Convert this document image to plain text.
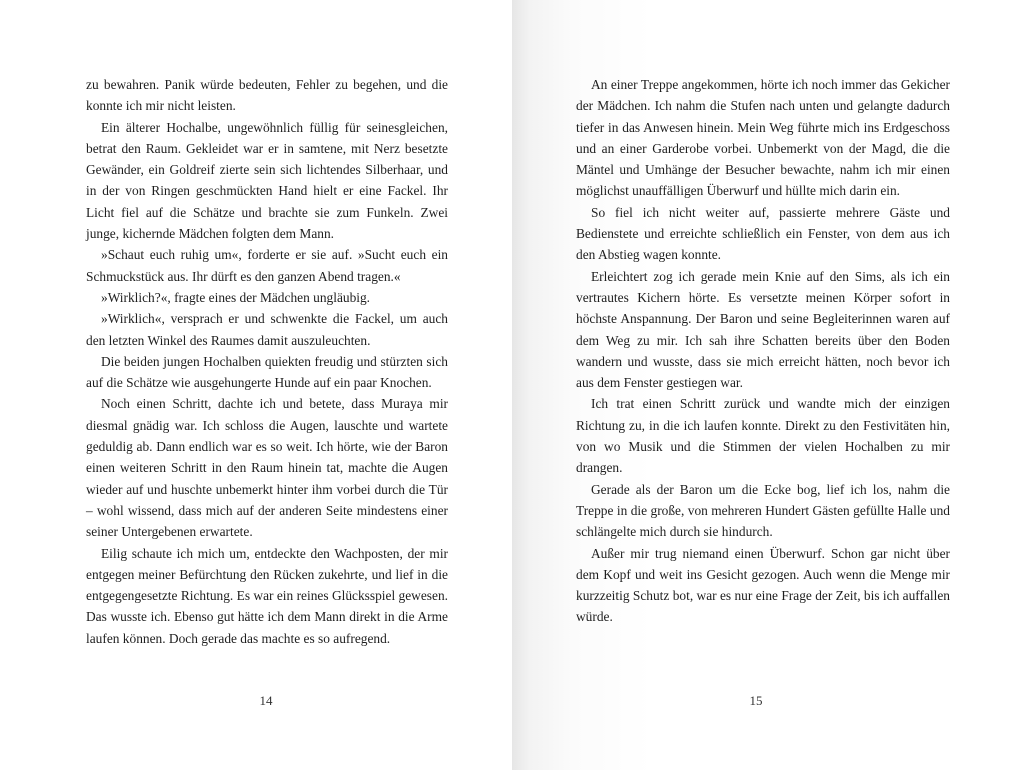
zu bewahren. Panik würde bedeuten, Fehler zu begehen, und die konnte ich mir nicht leisten.

Ein älterer Hochalbe, ungewöhnlich füllig für seinesgleichen, betrat den Raum. Gekleidet war er in samtene, mit Nerz besetzte Gewänder, ein Goldreif zierte sein sich lichtendes Silberhaar, und in der von Ringen geschmückten Hand hielt er eine Fackel. Ihr Licht fiel auf die Schätze und brachte sie zum Funkeln. Zwei junge, kichernde Mädchen folgten dem Mann.

»Schaut euch ruhig um«, forderte er sie auf. »Sucht euch ein Schmuckstück aus. Ihr dürft es den ganzen Abend tragen.«

»Wirklich?«, fragte eines der Mädchen ungläubig.

»Wirklich«, versprach er und schwenkte die Fackel, um auch den letzten Winkel des Raumes damit auszuleuchten.

Die beiden jungen Hochalben quiekten freudig und stürzten sich auf die Schätze wie ausgehungerte Hunde auf ein paar Knochen.

Noch einen Schritt, dachte ich und betete, dass Muraya mir diesmal gnädig war. Ich schloss die Augen, lauschte und wartete geduldig ab. Dann endlich war es so weit. Ich hörte, wie der Baron einen weiteren Schritt in den Raum hinein tat, machte die Augen wieder auf und huschte unbemerkt hinter ihm vorbei durch die Tür – wohl wissend, dass mich auf der anderen Seite mindestens einer seiner Untergebenen erwartete.

Eilig schaute ich mich um, entdeckte den Wachposten, der mir entgegen meiner Befürchtung den Rücken zukehrte, und lief in die entgegengesetzte Richtung. Es war ein reines Glücksspiel gewesen. Das wusste ich. Ebenso gut hätte ich dem Mann direkt in die Arme laufen können. Doch gerade das machte es so aufregend.

14

An einer Treppe angekommen, hörte ich noch immer das Gekicher der Mädchen. Ich nahm die Stufen nach unten und gelangte dadurch tiefer in das Anwesen hinein. Mein Weg führte mich ins Erdgeschoss und an einer Garderobe vorbei. Unbemerkt von der Magd, die die Mäntel und Umhänge der Besucher bewachte, nahm ich mir einen möglichst unauffälligen Überwurf und hüllte mich darin ein.

So fiel ich nicht weiter auf, passierte mehrere Gäste und Bedienstete und erreichte schließlich ein Fenster, von dem aus ich den Abstieg wagen konnte.

Erleichtert zog ich gerade mein Knie auf den Sims, als ich ein vertrautes Kichern hörte. Es versetzte meinen Körper sofort in höchste Anspannung. Der Baron und seine Begleiterinnen waren auf dem Weg zu mir. Ich sah ihre Schatten bereits über den Boden wandern und wusste, dass sie mich erreicht hätten, noch bevor ich aus dem Fenster gestiegen war.

Ich trat einen Schritt zurück und wandte mich der einzigen Richtung zu, in die ich laufen konnte. Direkt zu den Festivitäten hin, von wo Musik und die Stimmen der vielen Hochalben zu mir drangen.

Gerade als der Baron um die Ecke bog, lief ich los, nahm die Treppe in die große, von mehreren Hundert Gästen gefüllte Halle und schlängelte mich durch sie hindurch.

Außer mir trug niemand einen Überwurf. Schon gar nicht über dem Kopf und weit ins Gesicht gezogen. Auch wenn die Menge mir kurzzeitig Schutz bot, war es nur eine Frage der Zeit, bis ich auffallen würde.

15
